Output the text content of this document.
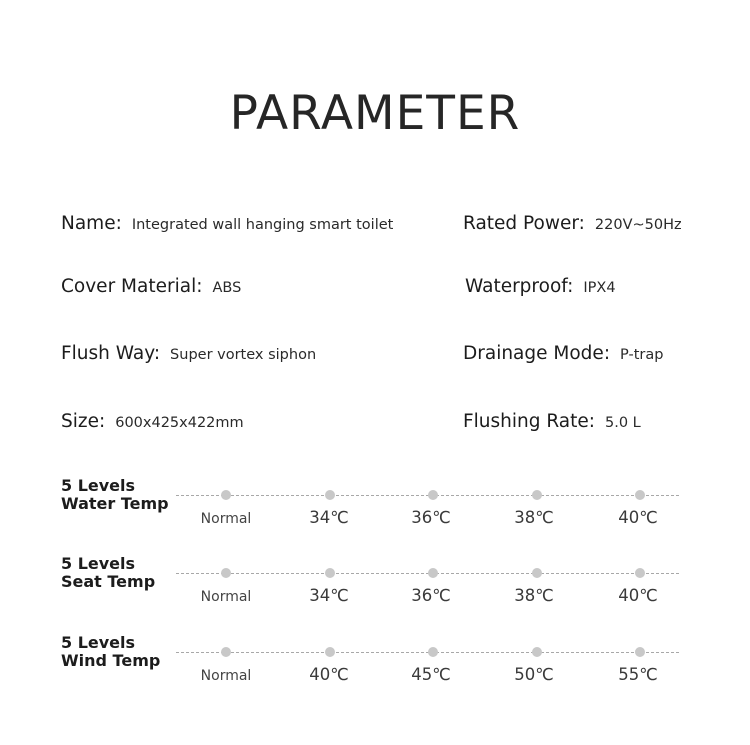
PARAMETER
Name: Integrated wall hanging smart toilet	Rated Power: 220V~50Hz
Cover Material: ABS	Waterproof: IPX4
Flush Way: Super vortex siphon	Drainage Mode: P-trap
Size: 600x425x422mm	Flushing Rate: 5.0 L
5 Levels
Water Temp
Normal	34℃	36℃	38℃	40℃
5 Levels
Seat Temp
Normal	34℃	36℃	38℃	40℃
5 Levels
Wind Temp
Normal	40℃	45℃	50℃	55℃
